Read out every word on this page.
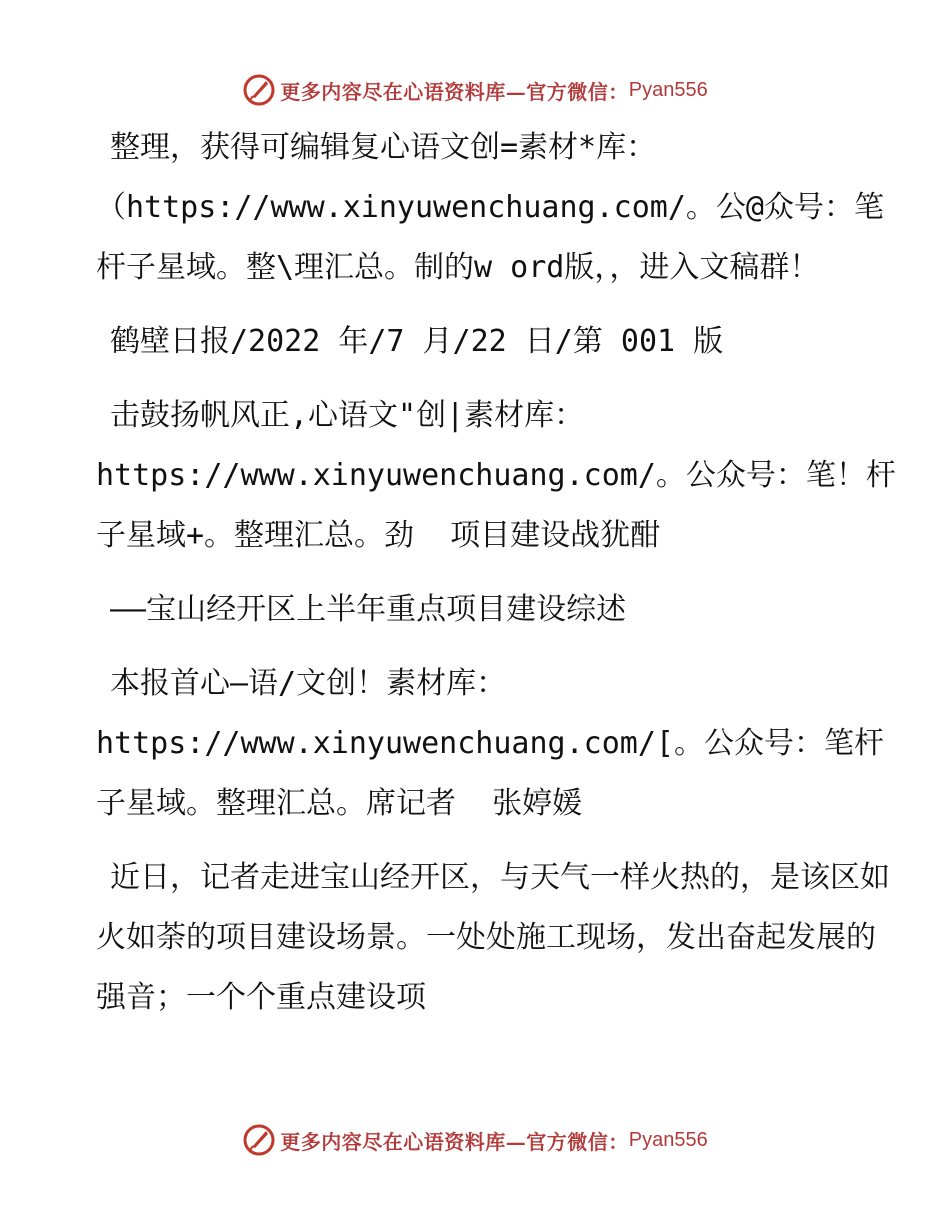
更多内容尽在心语资料库—官方微信： Pyan556

整理，获得可编辑复心语文创=素材*库：（https://www.xinyuwenchuang.com/。公@众号：笔杆子星域。整\理汇总。制的w ord版，，进入文稿群！

鹤壁日报/2022 年/7 月/22 日/第 001 版

击鼓扬帆风正,心语文"创|素材库：https://www.xinyuwenchuang.com/。公众号：笔！杆子星域+。整理汇总。劲  项目建设战犹酣

——宝山经开区上半年重点项目建设综述

本报首心—语/文创！素材库：https://www.xinyuwenchuang.com/[。公众号：笔杆子星域。整理汇总。席记者  张婷媛

近日，记者走进宝山经开区，与天气一样火热的，是该区如火如荼的项目建设场景。一处处施工现场，发出奋起发展的强音；一个个重点建设项

更多内容尽在心语资料库—官方微信： Pyan556
